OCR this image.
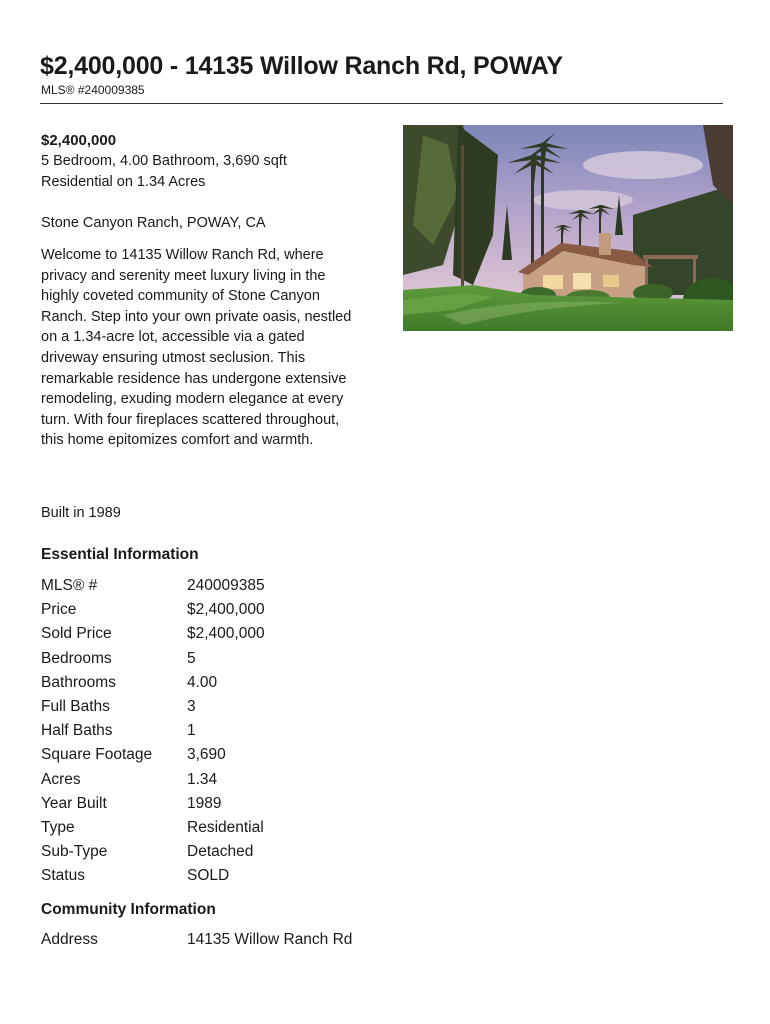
$2,400,000 - 14135 Willow Ranch Rd, POWAY
MLS® #240009385
$2,400,000
5 Bedroom, 4.00 Bathroom, 3,690 sqft
Residential on 1.34 Acres
Stone Canyon Ranch, POWAY, CA
Welcome to 14135 Willow Ranch Rd, where privacy and serenity meet luxury living in the highly coveted community of Stone Canyon Ranch. Step into your own private oasis, nestled on a 1.34-acre lot, accessible via a gated driveway ensuring utmost seclusion. This remarkable residence has undergone extensive remodeling, exuding modern elegance at every turn. With four fireplaces scattered throughout, this home epitomizes comfort and warmth.
Built in 1989
Essential Information
MLS® #	240009385
Price	$2,400,000
Sold Price	$2,400,000
Bedrooms	5
Bathrooms	4.00
Full Baths	3
Half Baths	1
Square Footage	3,690
Acres	1.34
Year Built	1989
Type	Residential
Sub-Type	Detached
Status	SOLD
Community Information
Address	14135 Willow Ranch Rd
